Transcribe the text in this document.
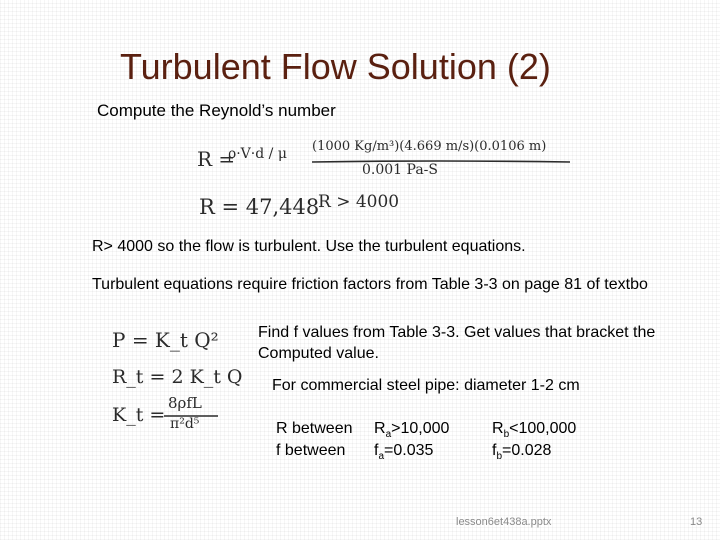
Turbulent Flow Solution (2)
Compute the Reynold’s number
R =
ρ·V·d / μ (1000 Kg/m³)(4.669 m/s)(0.0106 m)
0.001 Pa-S
R = 47,448
R > 4000
R> 4000 so the flow is turbulent. Use the turbulent equations.
Turbulent equations require friction factors from Table 3-3 on page 81 of textbo
P = K_t Q²
R_t = 2 K_t Q
K_t =
8ρfL
π²d⁵
Find f values from Table 3-3. Get values that bracket the
Computed value.
For commercial steel pipe: diameter 1-2 cm
R between
f between
$R_a>10,000$
$f_a=0.035$
$R_b<100,000$
$f_b=0.028$
lesson6et438a.pptx	13
